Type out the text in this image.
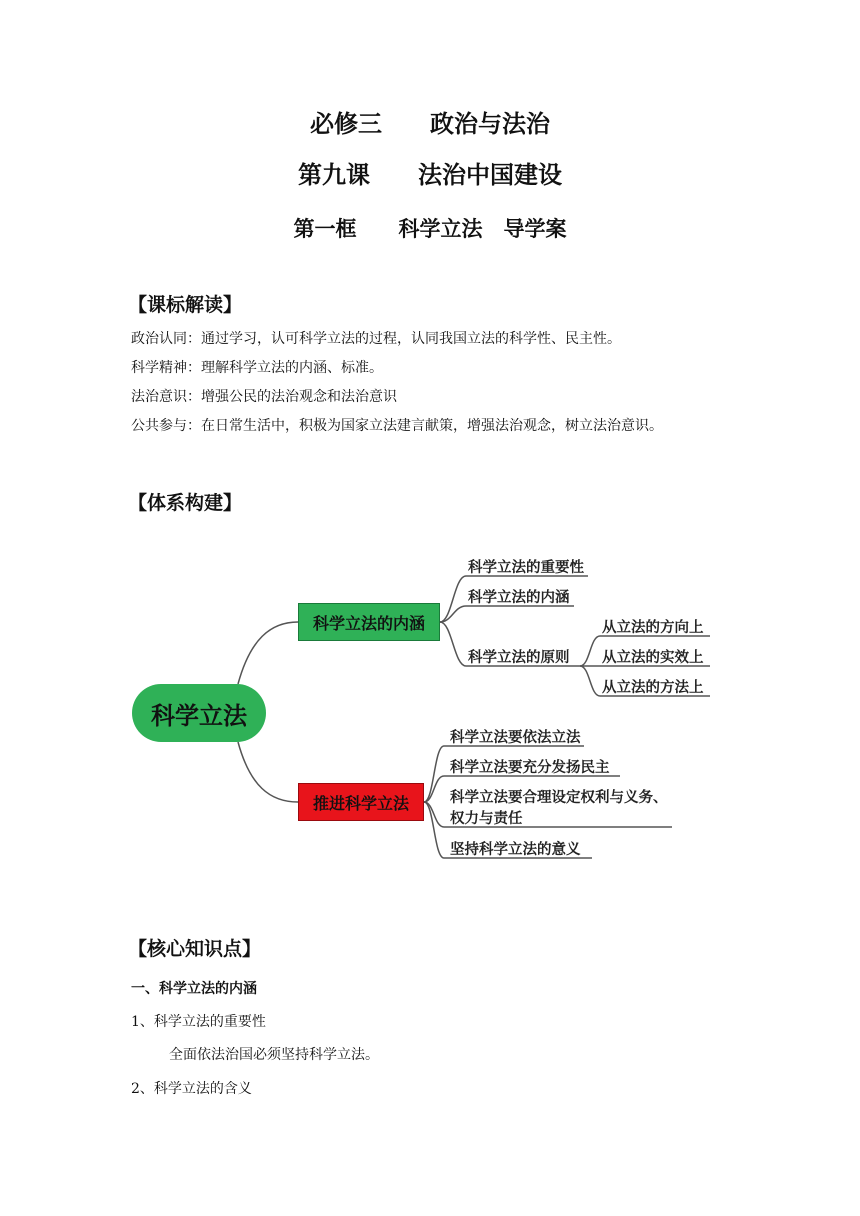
必修三　　政治与法治
第九课　　法治中国建设
第一框　　科学立法　导学案
【课标解读】
政治认同：通过学习，认可科学立法的过程，认同我国立法的科学性、民主性。
科学精神：理解科学立法的内涵、标准。
法治意识：增强公民的法治观念和法治意识
公共参与：在日常生活中，积极为国家立法建言献策，增强法治观念，树立法治意识。
【体系构建】
科学立法
科学立法的内涵
推进科学立法
科学立法的重要性
科学立法的内涵
科学立法的原则
从立法的方向上
从立法的实效上
从立法的方法上
科学立法要依法立法
科学立法要充分发扬民主
科学立法要合理设定权利与义务、
权力与责任
坚持科学立法的意义
【核心知识点】
一、科学立法的内涵
1、科学立法的重要性
全面依法治国必须坚持科学立法。
2、科学立法的含义
